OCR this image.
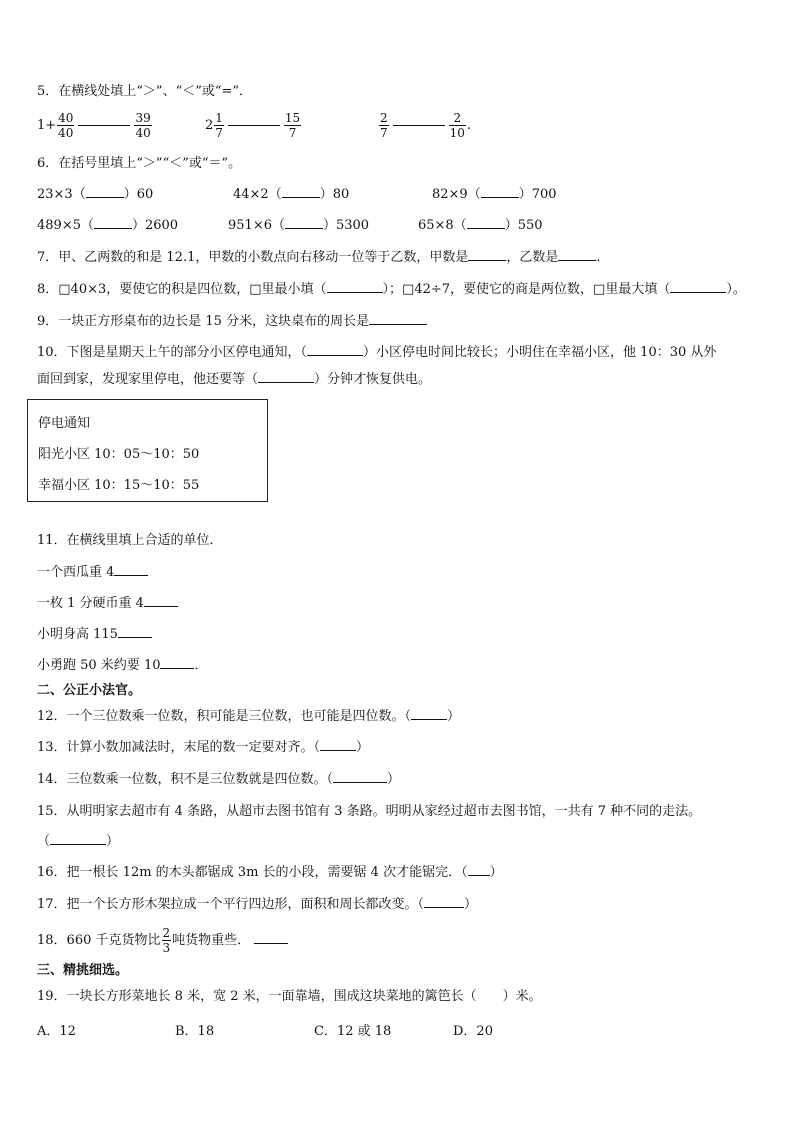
5．在横线处填上“＞”、“＜”或“=”．
$1+ \frac{40}{40}$	$\frac{39}{40}$	$2 \frac{1}{7}$	$\frac{15}{7}$	$\frac{2}{7}$	$\frac{2}{10}$ .
6．在括号里填上“＞”“＜”或“＝”。
23×3（	）60	44×2（	）80	82×9（	）700
489×5（	）2600	951×6（	）5300	65×8（	）550
7．甲、乙两数的和是 12.1，甲数的小数点向右移动一位等于乙数，甲数是	，乙数是	．
8．□40×3，要使它的积是四位数，□里最小填（	）；□42÷7，要使它的商是两位数，□里最大填（	）。
9．一块正方形桌布的边长是 15 分米，这块桌布的周长是
10．下图是星期天上午的部分小区停电通知，（	）小区停电时间比较长；小明住在幸福小区，他 10：30 从外
面回到家，发现家里停电，他还要等（	）分钟才恢复供电。
停电通知
阳光小区 10：05～10：50
幸福小区 10：15～10：55
11．在横线里填上合适的单位．
一个西瓜重 4
一枚 1 分硬币重 4
小明身高 115
小勇跑 50 米约要 10	．
二、公正小法官。
12．一个三位数乘一位数，积可能是三位数，也可能是四位数。（	）
13．计算小数加减法时，末尾的数一定要对齐。（	）
14．三位数乘一位数，积不是三位数就是四位数。（	）
15．从明明家去超市有 4 条路，从超市去图书馆有 3 条路。明明从家经过超市去图书馆，一共有 7 种不同的走法。
（	）
16．把一根长 12m 的木头都锯成 3m 长的小段，需要锯 4 次才能锯完．（ ）
17．把一个长方形木架拉成一个平行四边形，面积和周长都改变。（	）
18．660 千克货物比 $\frac{2}{3}$ 吨货物重些．
三、精挑细选。
19．一块长方形菜地长 8 米，宽 2 米，一面靠墙，围成这块菜地的篱笆长（　　）米。
A．12	B．18	C．12 或 18	D．20
